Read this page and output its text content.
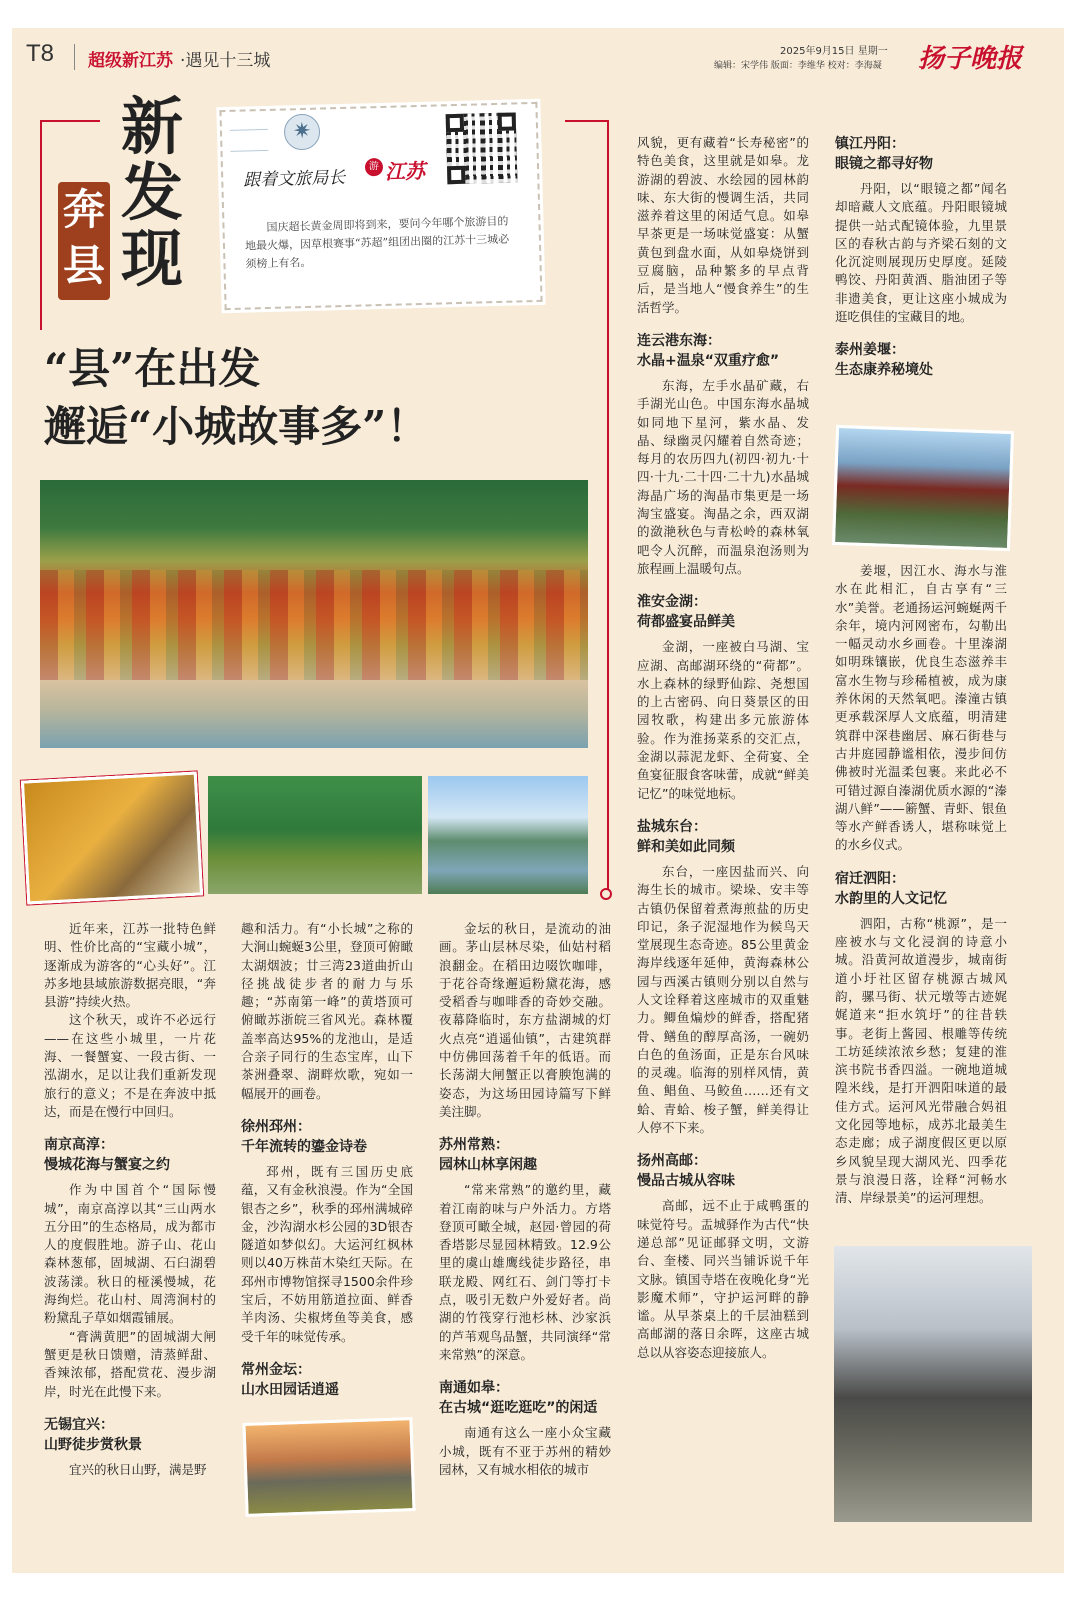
T8 超级新江苏 ·遇见十三城	2025年9月15日 星期一
编辑：宋学伟 版面：李维华 校对：李海凝 扬子晚报
奔县
新发现
✷
跟着文旅局长
游 江苏
国庆超长黄金周即将到来，要问今年哪个旅游目的地最火爆，因草根赛事“苏超”组团出圈的江苏十三城必须榜上有名。
“县”在出发
邂逅“小城故事多”！

近年来，江苏一批特色鲜明、性价比高的“宝藏小城”，逐渐成为游客的“心头好”。江苏多地县域旅游数据亮眼，“奔县游”持续火热。

这个秋天，或许不必远行——在这些小城里，一片花海、一餐蟹宴、一段古街、一泓湖水，足以让我们重新发现旅行的意义；不是在奔波中抵达，而是在慢行中回归。

南京高淳：
慢城花海与蟹宴之约

作为中国首个“国际慢城”，南京高淳以其“三山两水五分田”的生态格局，成为都市人的度假胜地。游子山、花山森林葱郁，固城湖、石臼湖碧波荡漾。秋日的桠溪慢城，花海绚烂。花山村、周湾涧村的粉黛乱子草如烟霞铺展。

“膏满黄肥”的固城湖大闸蟹更是秋日馈赠，清蒸鲜甜、香辣浓郁，搭配赏花、漫步湖岸，时光在此慢下来。

无锡宜兴：
山野徒步赏秋景

宜兴的秋日山野，满是野

趣和活力。有“小长城”之称的大涧山蜿蜒3公里，登顶可俯瞰太湖烟波；廿三湾23道曲折山径挑战徒步者的耐力与乐趣；“苏南第一峰”的黄塔顶可俯瞰苏浙皖三省风光。森林覆盖率高达95%的龙池山，是适合亲子同行的生态宝库，山下茶洲叠翠、湖畔炊歌，宛如一幅展开的画卷。

徐州邳州：
千年流转的鎏金诗卷

邳州，既有三国历史底蕴，又有金秋浪漫。作为“全国银杏之乡”，秋季的邳州满城碎金，沙沟湖水杉公园的3D银杏隧道如梦似幻。大运河红枫林则以40万株苗木染红天际。在邳州市博物馆探寻1500余件珍宝后，不妨用筋道拉面、鲜香羊肉汤、尖椒烤鱼等美食，感受千年的味觉传承。

常州金坛：
山水田园话逍遥

金坛的秋日，是流动的油画。茅山层林尽染，仙姑村稻浪翻金。在稻田边啜饮咖啡，于花谷奇缘邂逅粉黛花海，感受稻香与咖啡香的奇妙交融。夜幕降临时，东方盐湖城的灯火点亮“逍遥仙镇”，古建筑群中仿佛回荡着千年的低语。而长荡湖大闸蟹正以膏腴饱满的姿态，为这场田园诗篇写下鲜美注脚。

苏州常熟：
园林山林享闲趣

“常来常熟”的邀约里，藏着江南韵味与户外活力。方塔登顶可瞰全城，赵园·曾园的荷香塔影尽显园林精致。12.9公里的虞山雄鹰线徒步路径，串联龙殿、网红石、剑门等打卡点，吸引无数户外爱好者。尚湖的竹筏穿行池杉林、沙家浜的芦苇观鸟品蟹，共同演绎“常来常熟”的深意。

南通如皋：
在古城“逛吃逛吃”的闲适

南通有这么一座小众宝藏小城，既有不亚于苏州的精妙园林，又有城水相依的城市

风貌，更有藏着“长寿秘密”的特色美食，这里就是如皋。龙游湖的碧波、水绘园的园林韵味、东大街的慢调生活，共同滋养着这里的闲适气息。如皋早茶更是一场味觉盛宴：从蟹黄包到盘水面，从如皋烧饼到豆腐脑，品种繁多的早点背后，是当地人“慢食养生”的生活哲学。

连云港东海：
水晶+温泉“双重疗愈”

东海，左手水晶矿藏，右手湖光山色。中国东海水晶城如同地下星河，紫水晶、发晶、绿幽灵闪耀着自然奇迹；每月的农历四九(初四·初九·十四·十九·二十四·二十九)水晶城海晶广场的淘晶市集更是一场淘宝盛宴。淘晶之余，西双湖的潋滟秋色与青松岭的森林氧吧令人沉醉，而温泉泡汤则为旅程画上温暖句点。

淮安金湖：
荷都盛宴品鲜美

金湖，一座被白马湖、宝应湖、高邮湖环绕的“荷都”。水上森林的绿野仙踪、尧想国的上古密码、向日葵景区的田园牧歌，构建出多元旅游体验。作为淮扬菜系的交汇点，金湖以蒜泥龙虾、全荷宴、全鱼宴征服食客味蕾，成就“鲜美记忆”的味觉地标。

盐城东台：
鲜和美如此同频

东台，一座因盐而兴、向海生长的城市。梁垛、安丰等古镇仍保留着煮海煎盐的历史印记，条子泥湿地作为候鸟天堂展现生态奇迹。85公里黄金海岸线逐年延伸，黄海森林公园与西溪古镇则分别以自然与人文诠释着这座城市的双重魅力。鲫鱼煸炒的鲜香，搭配猪骨、鳝鱼的醇厚高汤，一碗奶白色的鱼汤面，正是东台风味的灵魂。临海的别样风情，黄鱼、鲳鱼、马鲛鱼……还有文蛤、青蛤、梭子蟹，鲜美得让人停不下来。

扬州高邮：
慢品古城从容味

高邮，远不止于咸鸭蛋的味觉符号。盂城驿作为古代“快递总部”见证邮驿文明，文游台、奎楼、同兴当铺诉说千年文脉。镇国寺塔在夜晚化身“光影魔术师”，守护运河畔的静谧。从早茶桌上的千层油糕到高邮湖的落日余晖，这座古城总以从容姿态迎接旅人。

镇江丹阳：
眼镜之都寻好物

丹阳，以“眼镜之都”闻名却暗藏人文底蕴。丹阳眼镜城提供一站式配镜体验，九里景区的春秋古韵与齐梁石刻的文化沉淀则展现历史厚度。延陵鸭饺、丹阳黄酒、脂油团子等非遗美食，更让这座小城成为逛吃俱佳的宝藏目的地。

泰州姜堰：
生态康养秘境处

姜堰，因江水、海水与淮水在此相汇，自古享有“三水”美誉。老通扬运河蜿蜒两千余年，境内河网密布，勾勒出一幅灵动水乡画卷。十里溱湖如明珠镶嵌，优良生态滋养丰富水生物与珍稀植被，成为康养休闲的天然氧吧。溱潼古镇更承载深厚人文底蕴，明清建筑群中深巷幽居、麻石街巷与古井庭园静谧相依，漫步间仿佛被时光温柔包裹。来此必不可错过源自溱湖优质水源的“溱湖八鲜”——簖蟹、青虾、银鱼等水产鲜香诱人，堪称味觉上的水乡仪式。

宿迁泗阳：
水韵里的人文记忆

泗阳，古称“桃源”，是一座被水与文化浸润的诗意小城。沿黄河故道漫步，城南街道小圩社区留存桃源古城风韵，骡马街、状元墩等古迹娓娓道来“拒水筑圩”的往昔轶事。老街上酱园、根雕等传统工坊延续浓浓乡愁；复建的淮滨书院书香四溢。一碗地道城隍米线，是打开泗阳味道的最佳方式。运河风光带融合妈祖文化园等地标，成苏北最美生态走廊；成子湖度假区更以原乡风貌呈现大湖风光、四季花景与浪漫日落，诠释“河畅水清、岸绿景美”的运河理想。
